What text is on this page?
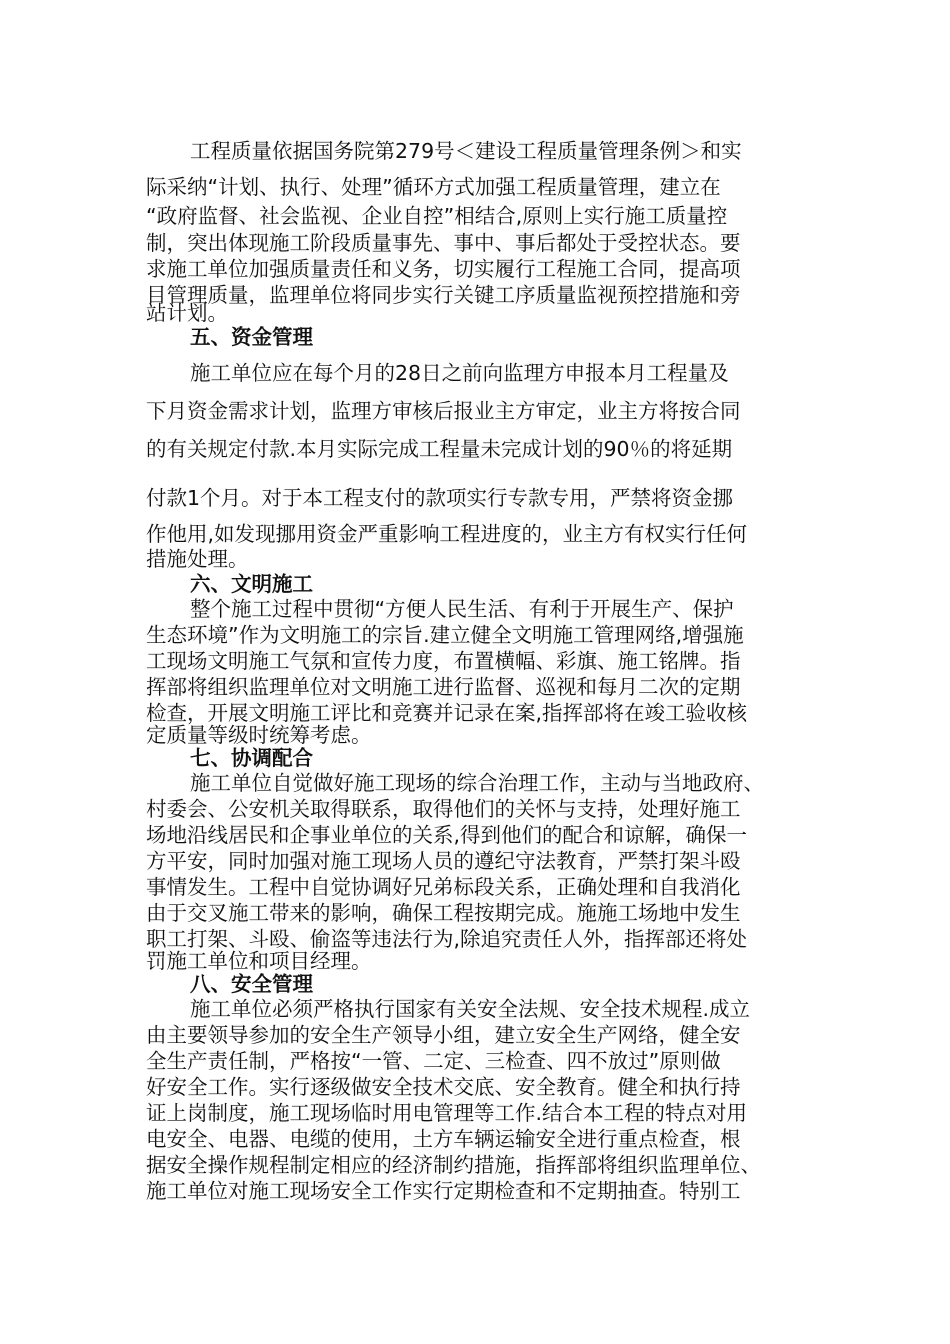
工程质量依据国务院第279号＜建设工程质量管理条例＞和实

际采纳“计划、执行、处理”循环方式加强工程质量管理，建立在

“政府监督、社会监视、企业自控”相结合,原则上实行施工质量控

制，突出体现施工阶段质量事先、事中、事后都处于受控状态。要

求施工单位加强质量责任和义务，切实履行工程施工合同，提高项

目管理质量，监理单位将同步实行关键工序质量监视预控措施和旁

站计划。

五、资金管理

施工单位应在每个月的28日之前向监理方申报本月工程量及

下月资金需求计划，监理方审核后报业主方审定，业主方将按合同

的有关规定付款.本月实际完成工程量未完成计划的90％的将延期

付款1个月。对于本工程支付的款项实行专款专用，严禁将资金挪

作他用,如发现挪用资金严重影响工程进度的，业主方有权实行任何

措施处理。

六、文明施工

整个施工过程中贯彻“方便人民生活、有利于开展生产、保护

生态环境”作为文明施工的宗旨.建立健全文明施工管理网络,增强施

工现场文明施工气氛和宣传力度，布置横幅、彩旗、施工铭牌。指

挥部将组织监理单位对文明施工进行监督、巡视和每月二次的定期

检查，开展文明施工评比和竞赛并记录在案,指挥部将在竣工验收核

定质量等级时统筹考虑。

七、协调配合

施工单位自觉做好施工现场的综合治理工作，主动与当地政府、

村委会、公安机关取得联系，取得他们的关怀与支持，处理好施工

场地沿线居民和企事业单位的关系,得到他们的配合和谅解，确保一

方平安，同时加强对施工现场人员的遵纪守法教育，严禁打架斗殴

事情发生。工程中自觉协调好兄弟标段关系，正确处理和自我消化

由于交叉施工带来的影响，确保工程按期完成。施施工场地中发生

职工打架、斗殴、偷盗等违法行为,除追究责任人外，指挥部还将处

罚施工单位和项目经理。

八、安全管理

施工单位必须严格执行国家有关安全法规、安全技术规程.成立

由主要领导参加的安全生产领导小组，建立安全生产网络，健全安

全生产责任制，严格按“一管、二定、三检查、四不放过”原则做

好安全工作。实行逐级做安全技术交底、安全教育。健全和执行持

证上岗制度，施工现场临时用电管理等工作.结合本工程的特点对用

电安全、电器、电缆的使用，土方车辆运输安全进行重点检查，根

据安全操作规程制定相应的经济制约措施，指挥部将组织监理单位、

施工单位对施工现场安全工作实行定期检查和不定期抽查。特别工
